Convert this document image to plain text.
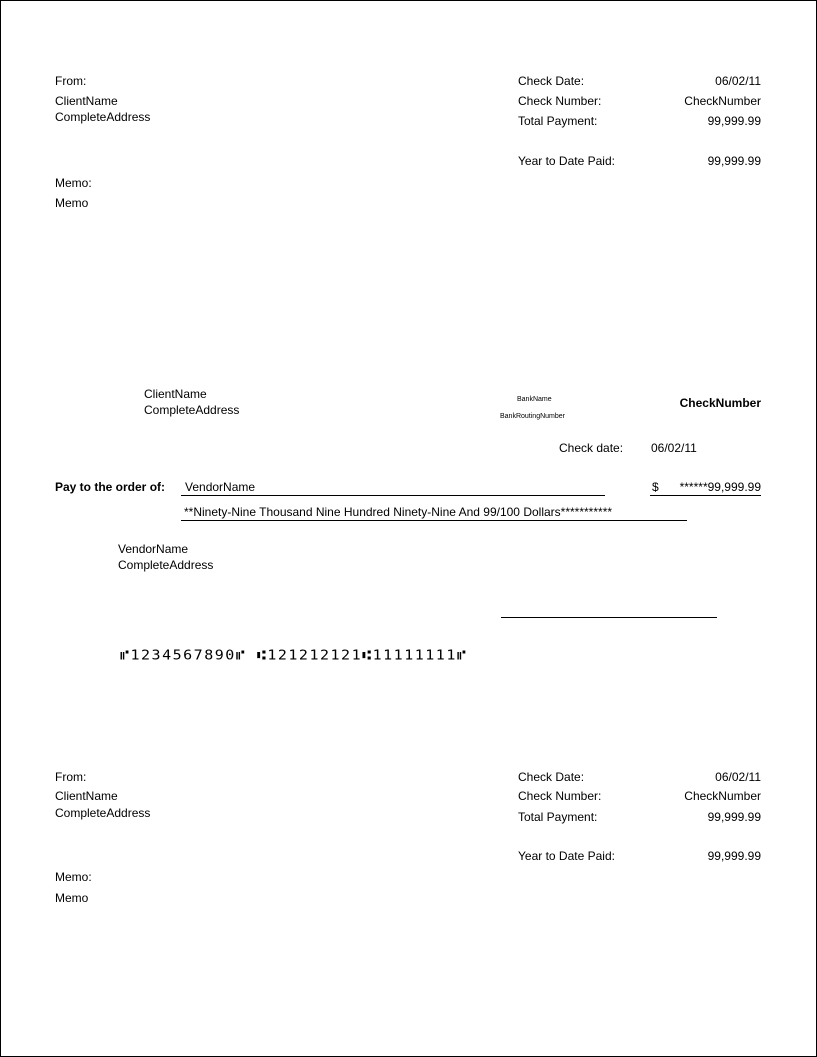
From:
ClientName
CompleteAddress
Memo:
Memo
Check Date:	06/02/11
Check Number:	CheckNumber
Total Payment:	99,999.99
Year to Date Paid:	99,999.99
ClientName
CompleteAddress
BankName
BankRoutingNumber
CheckNumber
Check date: 06/02/11
Pay to the order of: VendorName	$	******99,999.99
**Ninety-Nine Thousand Nine Hundred Ninety-Nine And 99/100 Dollars***********
VendorName
CompleteAddress
⑈1234567890⑈ ⑆121212121⑆11111111⑈
From:
ClientName
CompleteAddress
Memo:
Memo
Check Date:	06/02/11
Check Number:	CheckNumber
Total Payment:	99,999.99
Year to Date Paid:	99,999.99
